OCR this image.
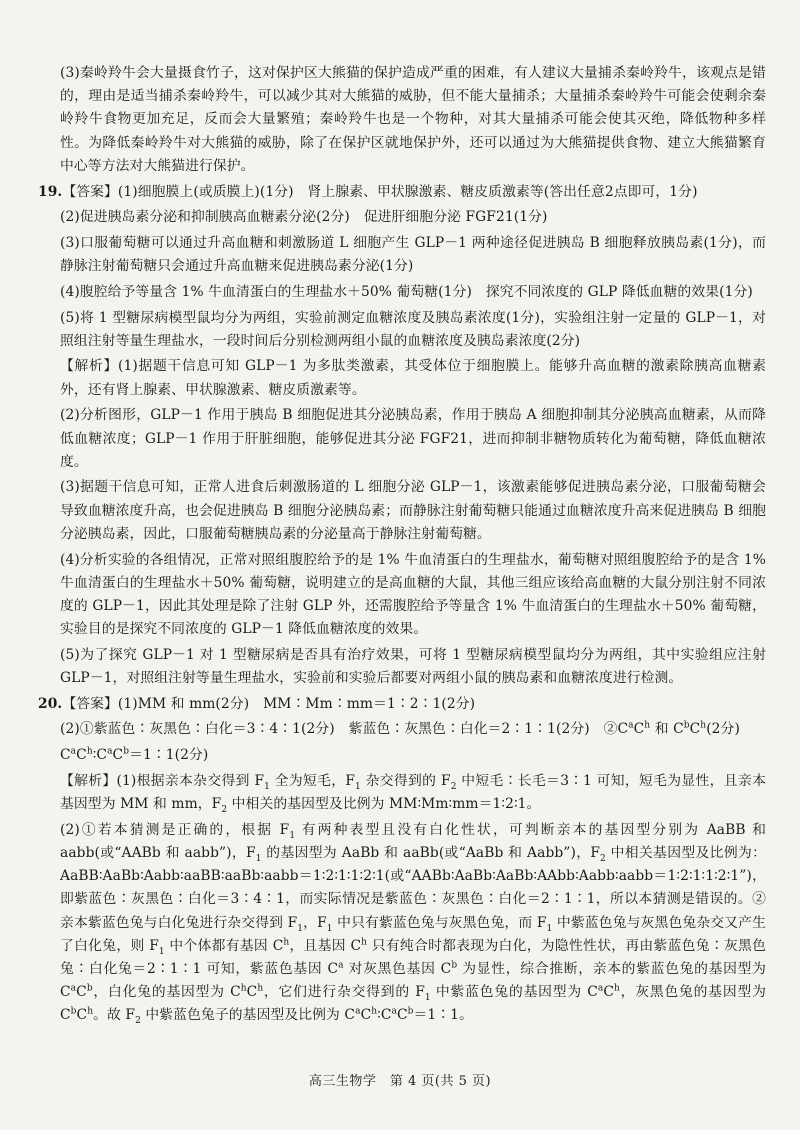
(3)秦岭羚牛会大量摄食竹子，这对保护区大熊猫的保护造成严重的困难，有人建议大量捕杀秦岭羚牛，该观点是错的，理由是适当捕杀秦岭羚牛，可以减少其对大熊猫的威胁，但不能大量捕杀；大量捕杀秦岭羚牛可能会使剩余秦岭羚牛食物更加充足，反而会大量繁殖；秦岭羚牛也是一个物种，对其大量捕杀可能会使其灭绝，降低物种多样性。为降低秦岭羚牛对大熊猫的威胁，除了在保护区就地保护外，还可以通过为大熊猫提供食物、建立大熊猫繁育中心等方法对大熊猫进行保护。

19.【答案】(1)细胞膜上(或质膜上)(1分)　肾上腺素、甲状腺激素、糖皮质激素等(答出任意2点即可，1分)

(2)促进胰岛素分泌和抑制胰高血糖素分泌(2分)　促进肝细胞分泌 FGF21(1分)

(3)口服葡萄糖可以通过升高血糖和刺激肠道 L 细胞产生 GLP－1 两种途径促进胰岛 B 细胞释放胰岛素(1分)，而静脉注射葡萄糖只会通过升高血糖来促进胰岛素分泌(1分)

(4)腹腔给予等量含 1% 牛血清蛋白的生理盐水＋50% 葡萄糖(1分)　探究不同浓度的 GLP 降低血糖的效果(1分)

(5)将 1 型糖尿病模型鼠均分为两组，实验前测定血糖浓度及胰岛素浓度(1分)，实验组注射一定量的 GLP－1，对照组注射等量生理盐水，一段时间后分别检测两组小鼠的血糖浓度及胰岛素浓度(2分)

【解析】(1)据题干信息可知 GLP－1 为多肽类激素，其受体位于细胞膜上。能够升高血糖的激素除胰高血糖素外，还有肾上腺素、甲状腺激素、糖皮质激素等。

(2)分析图形，GLP－1 作用于胰岛 B 细胞促进其分泌胰岛素，作用于胰岛 A 细胞抑制其分泌胰高血糖素，从而降低血糖浓度；GLP－1 作用于肝脏细胞，能够促进其分泌 FGF21，进而抑制非糖物质转化为葡萄糖，降低血糖浓度。

(3)据题干信息可知，正常人进食后刺激肠道的 L 细胞分泌 GLP－1，该激素能够促进胰岛素分泌，口服葡萄糖会导致血糖浓度升高，也会促进胰岛 B 细胞分泌胰岛素；而静脉注射葡萄糖只能通过血糖浓度升高来促进胰岛 B 细胞分泌胰岛素，因此，口服葡萄糖胰岛素的分泌量高于静脉注射葡萄糖。

(4)分析实验的各组情况，正常对照组腹腔给予的是 1% 牛血清蛋白的生理盐水，葡萄糖对照组腹腔给予的是含 1% 牛血清蛋白的生理盐水＋50% 葡萄糖，说明建立的是高血糖的大鼠，其他三组应该给高血糖的大鼠分别注射不同浓度的 GLP－1，因此其处理是除了注射 GLP 外，还需腹腔给予等量含 1% 牛血清蛋白的生理盐水＋50% 葡萄糖，实验目的是探究不同浓度的 GLP－1 降低血糖浓度的效果。

(5)为了探究 GLP－1 对 1 型糖尿病是否具有治疗效果，可将 1 型糖尿病模型鼠均分为两组，其中实验组应注射 GLP－1，对照组注射等量生理盐水，实验前和实验后都要对两组小鼠的胰岛素和血糖浓度进行检测。

20.【答案】(1)MM 和 mm(2分)　MM∶Mm∶mm＝1∶2∶1(2分)

(2)①紫蓝色∶灰黑色∶白化＝3∶4∶1(2分)　紫蓝色∶灰黑色∶白化＝2∶1∶1(2分)　$②C^aC^h$ 和 $C^bC^h(2$分)

$C^aC^h∶C^aC^b=1∶1(2$分)

【解析】(1)根据亲本杂交得到 $F_1$ 全为短毛，$F_1$ 杂交得到的 $F_2$ 中短毛∶长毛＝3∶1 可知，短毛为显性，且亲本基因型为 MM 和 mm，$F_2$ 中相关的基因型及比例为 MM∶Mm∶mm＝1∶2∶1。

(2)①若本猜测是正确的，根据 $F_1$ 有两种表型且没有白化性状，可判断亲本的基因型分别为 AaBB 和 aabb(或“AABb 和 aabb”)，$F_1$ 的基因型为 AaBb 和 aaBb(或“AaBb 和 Aabb”)，$F_2$ 中相关基因型及比例为：AaBB∶AaBb∶Aabb∶aaBB∶aaBb∶aabb＝1∶2∶1∶1∶2∶1(或“AABb∶AaBb∶AaBb∶AAbb∶Aabb∶aabb＝1∶2∶1∶1∶2∶1”)，即紫蓝色∶灰黑色∶白化＝3∶4∶1，而实际情况是紫蓝色∶灰黑色∶白化＝2∶1∶1，所以本猜测是错误的。②亲本紫蓝色兔与白化兔进行杂交得到 $F_1$，$F_1$ 中只有紫蓝色兔与灰黑色兔，而 $F_1$ 中紫蓝色兔与灰黑色兔杂交又产生了白化兔，则 $F_1$ 中个体都有基因 $C^h$，且基因 $C^h$ 只有纯合时都表现为白化，为隐性性状，再由紫蓝色兔∶灰黑色兔∶白化兔＝2∶1∶1 可知，紫蓝色基因 $C^a$ 对灰黑色基因 $C^b$ 为显性，综合推断，亲本的紫蓝色兔的基因型为 $C^aC^b$，白化兔的基因型为 $C^hC^h$，它们进行杂交得到的 $F_1$ 中紫蓝色兔的基因型为 $C^aC^h$，灰黑色兔的基因型为 $C^bC^h$。故 $F_2$ 中紫蓝色兔子的基因型及比例为 $C^aC^h∶C^aC^b=1∶1$。

高三生物学　第 4 页(共 5 页)
